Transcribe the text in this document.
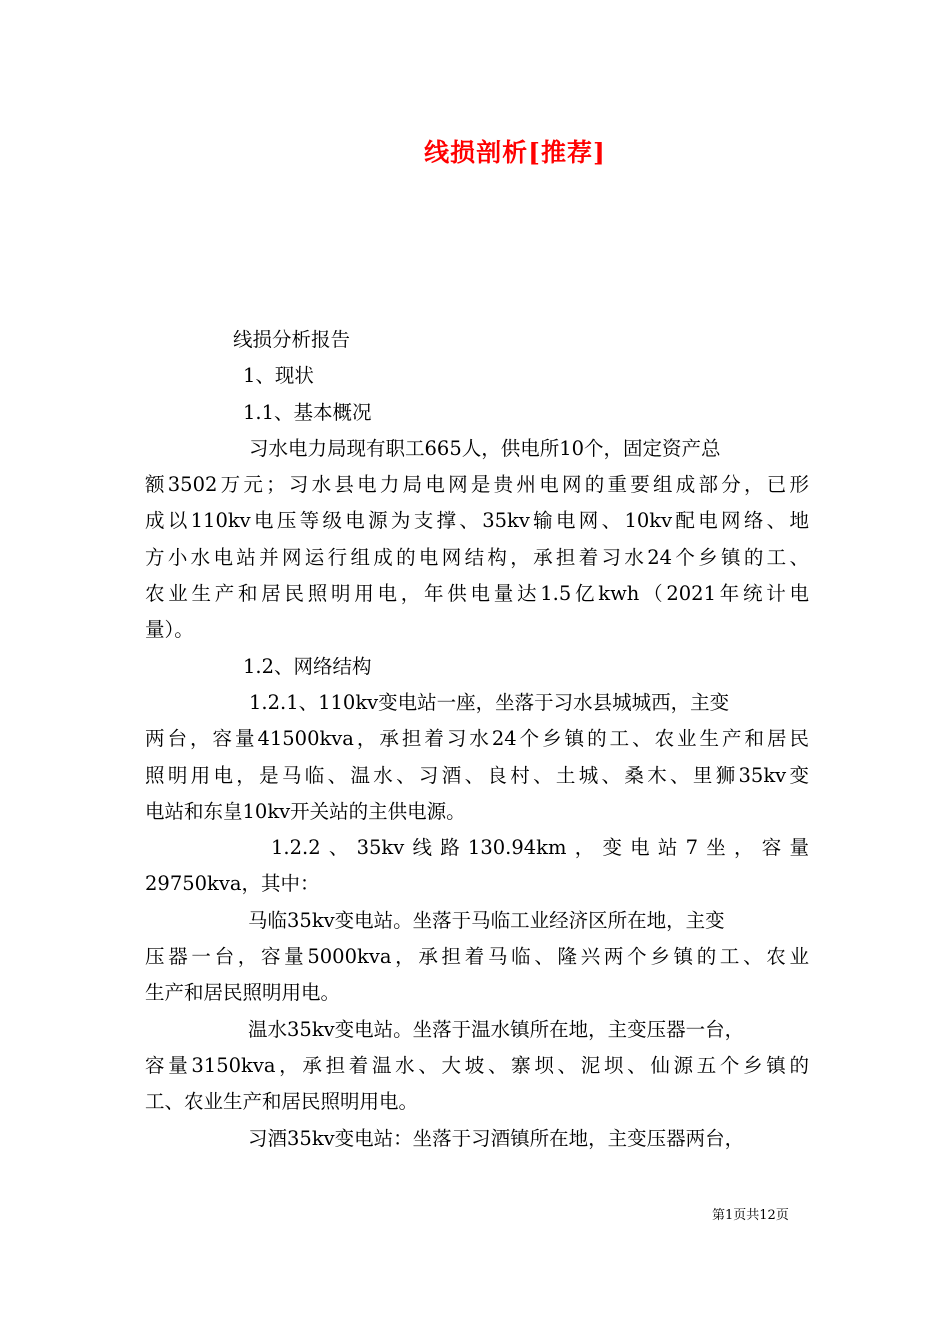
线损剖析[推荐]
线损分析报告
1、现状
1.1、基本概况
习水电力局现有职工665人，供电所10个，固定资产总
额3502万元；习水县电力局电网是贵州电网的重要组成部分，已形
成以110kv电压等级电源为支撑、35kv输电网、10kv配电网络、地
方小水电站并网运行组成的电网结构，承担着习水24个乡镇的工、
农业生产和居民照明用电，年供电量达1.5亿kwh（2021年统计电
量）。
1.2、网络结构
1.2.1、110kv变电站一座，坐落于习水县城城西，主变
两台，容量41500kva，承担着习水24个乡镇的工、农业生产和居民
照明用电，是马临、温水、习酒、良村、土城、桑木、里狮35kv变
电站和东皇10kv开关站的主供电源。
1.2.2、35kv线路130.94km，变电站7坐，容量
29750kva，其中：
马临35kv变电站。坐落于马临工业经济区所在地，主变
压器一台，容量5000kva，承担着马临、隆兴两个乡镇的工、农业
生产和居民照明用电。
温水35kv变电站。坐落于温水镇所在地，主变压器一台，
容量3150kva，承担着温水、大坡、寨坝、泥坝、仙源五个乡镇的
工、农业生产和居民照明用电。
习酒35kv变电站：坐落于习酒镇所在地，主变压器两台，
第1页共12页
